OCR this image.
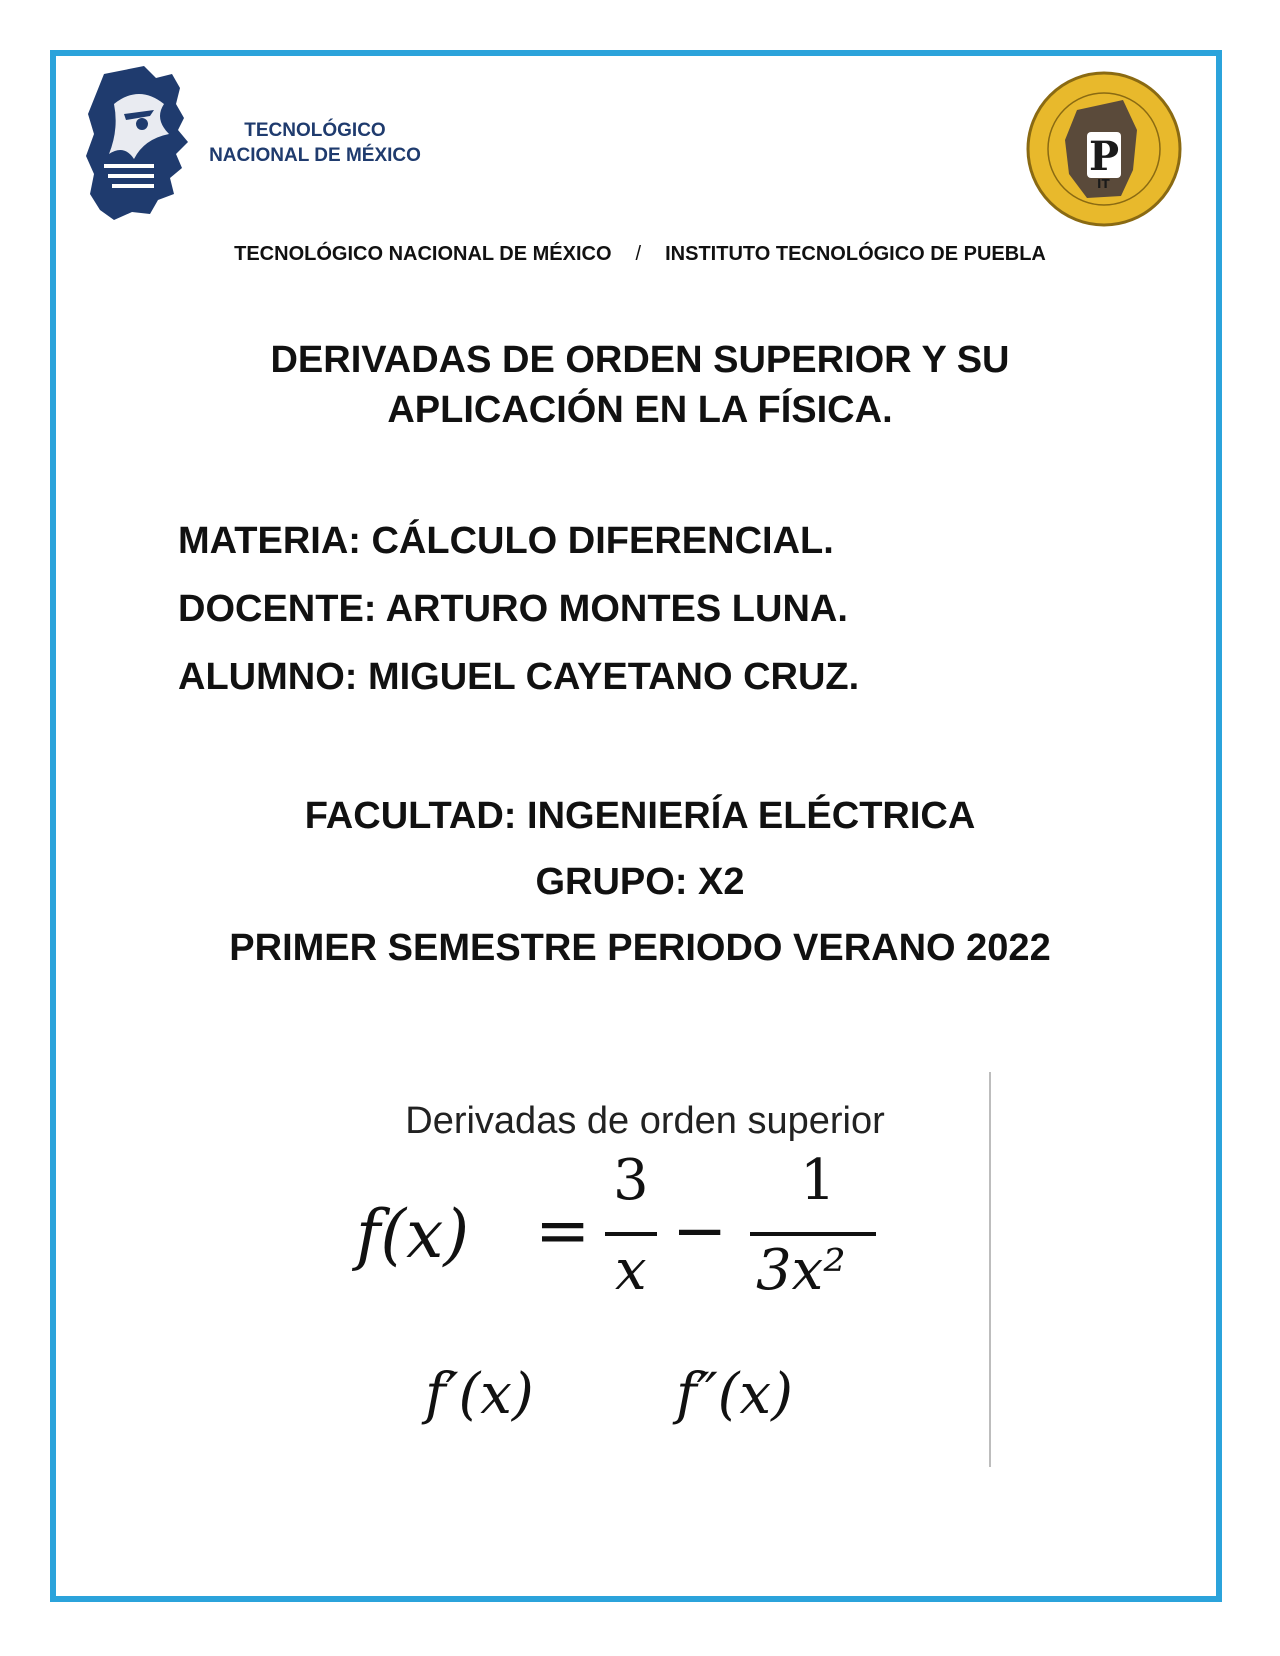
TECNOLÓGICO
NACIONAL DE MÉXICO	P
IT
TECNOLÓGICO NACIONAL DE MÉXICO / INSTITUTO TECNOLÓGICO DE PUEBLA
DERIVADAS DE ORDEN SUPERIOR Y SU
APLICACIÓN EN LA FÍSICA.
MATERIA: CÁLCULO DIFERENCIAL.
DOCENTE: ARTURO MONTES LUNA.
ALUMNO: MIGUEL CAYETANO CRUZ.
FACULTAD: INGENIERÍA ELÉCTRICA
GRUPO: X2
PRIMER SEMESTRE PERIODO VERANO 2022
Derivadas de orden superior
f(x) =
3
x
−
1
3x²
f′(x)	f″(x)
